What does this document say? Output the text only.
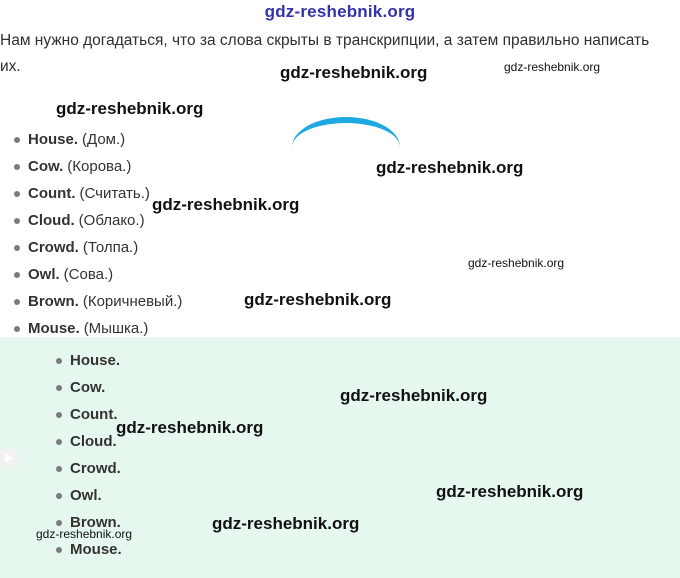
gdz-reshebnik.org
Нам нужно догадаться, что за слова скрыты в транскрипции, а затем правильно написать их.
House. (Дом.)
Cow. (Корова.)
Count. (Считать.)
Cloud. (Облако.)
Crowd. (Толпа.)
Owl. (Сова.)
Brown. (Коричневый.)
Mouse. (Мышка.)
House.
Cow.
Count.
Cloud.
Crowd.
Owl.
Brown.
Mouse.
gdz-reshebnik.org	gdz-reshebnik.org
gdz-reshebnik.org
gdz-reshebnik.org
gdz-reshebnik.org
gdz-reshebnik.org
gdz-reshebnik.org
gdz-reshebnik.org
gdz-reshebnik.org
gdz-reshebnik.org
gdz-reshebnik.org
gdz-reshebnik.org
